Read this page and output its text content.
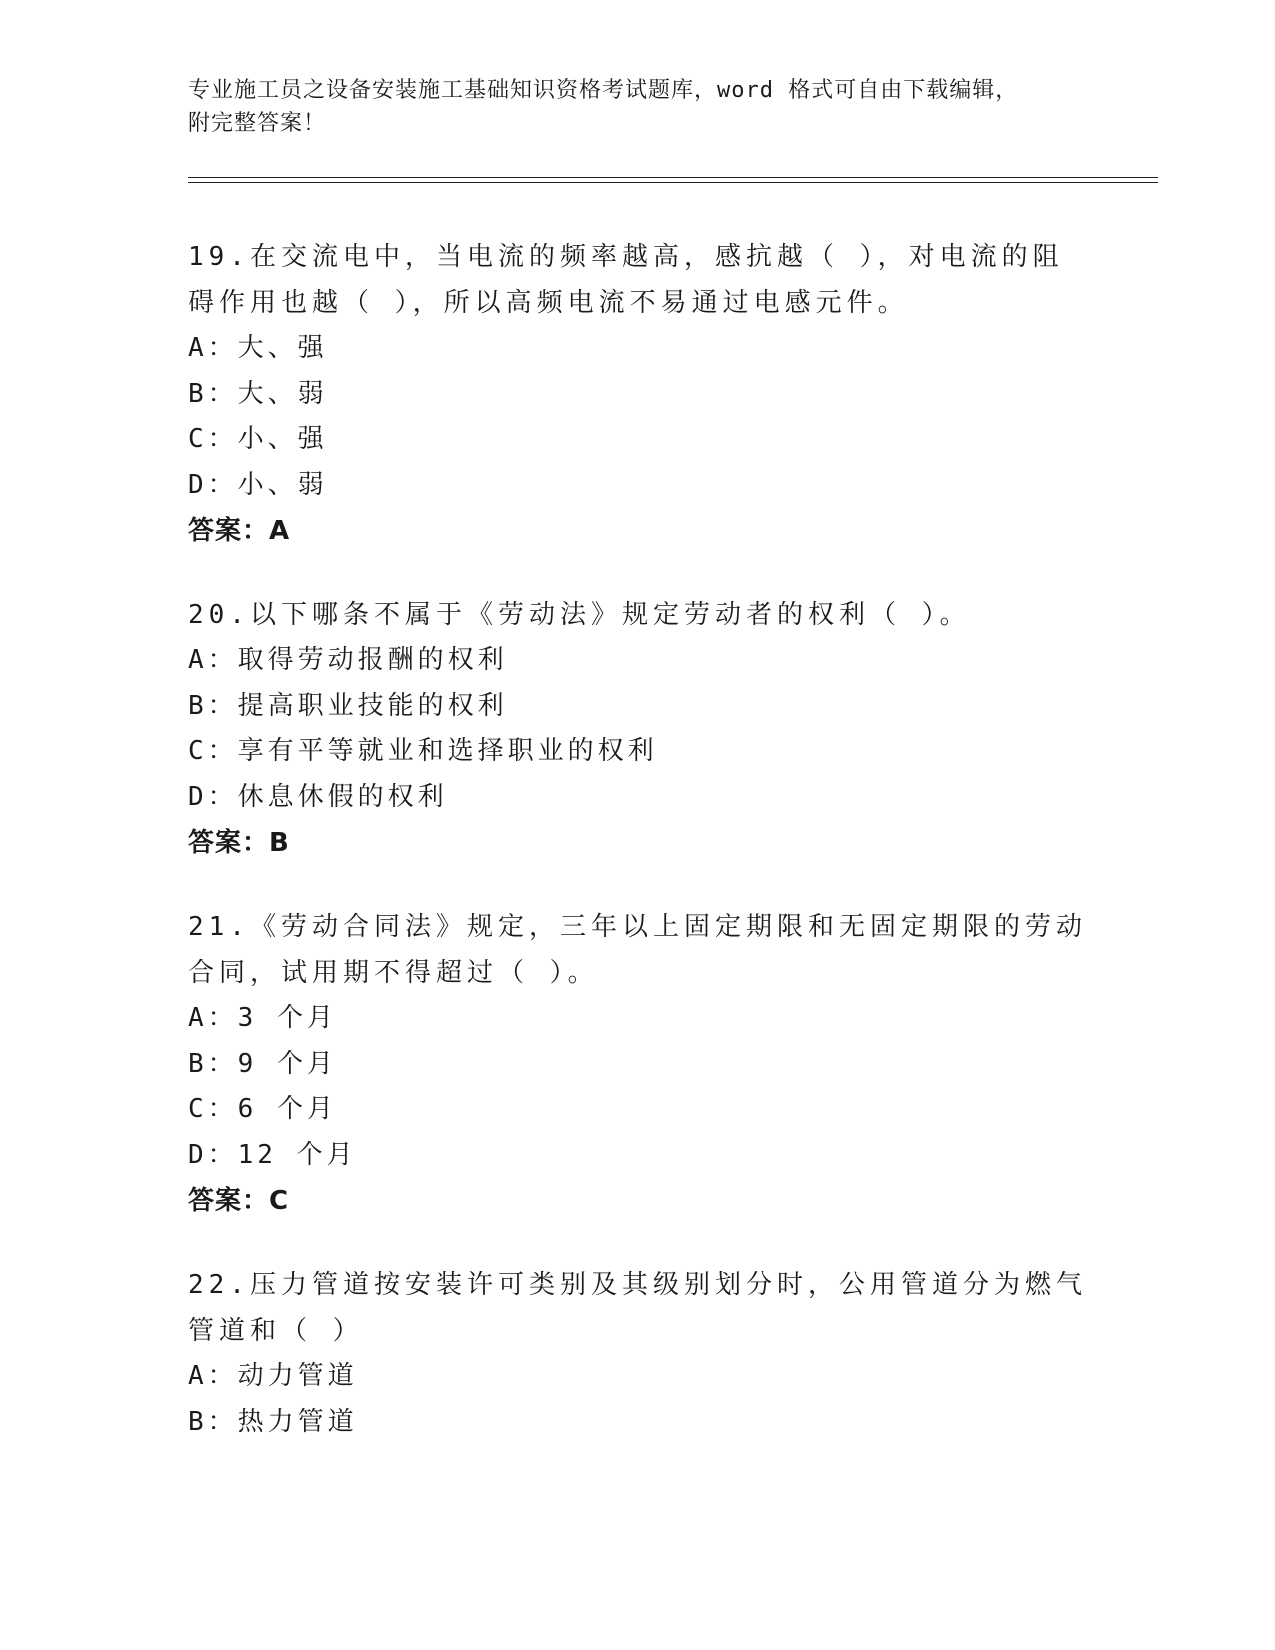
专业施工员之设备安装施工基础知识资格考试题库，word 格式可自由下载编辑，
附完整答案！

19.在交流电中，当电流的频率越高，感抗越（ ），对电流的阻碍作用也越（ ），所以高频电流不易通过电感元件。

A：大、强
B：大、弱
C：小、强
D：小、弱
答案：A

20.以下哪条不属于《劳动法》规定劳动者的权利（ ）。

A：取得劳动报酬的权利
B：提高职业技能的权利
C：享有平等就业和选择职业的权利
D：休息休假的权利
答案：B

21.《劳动合同法》规定，三年以上固定期限和无固定期限的劳动合同，试用期不得超过（ ）。

A：3 个月
B：9 个月
C：6 个月
D：12 个月
答案：C

22.压力管道按安装许可类别及其级别划分时，公用管道分为燃气管道和（ ）

A：动力管道
B：热力管道
